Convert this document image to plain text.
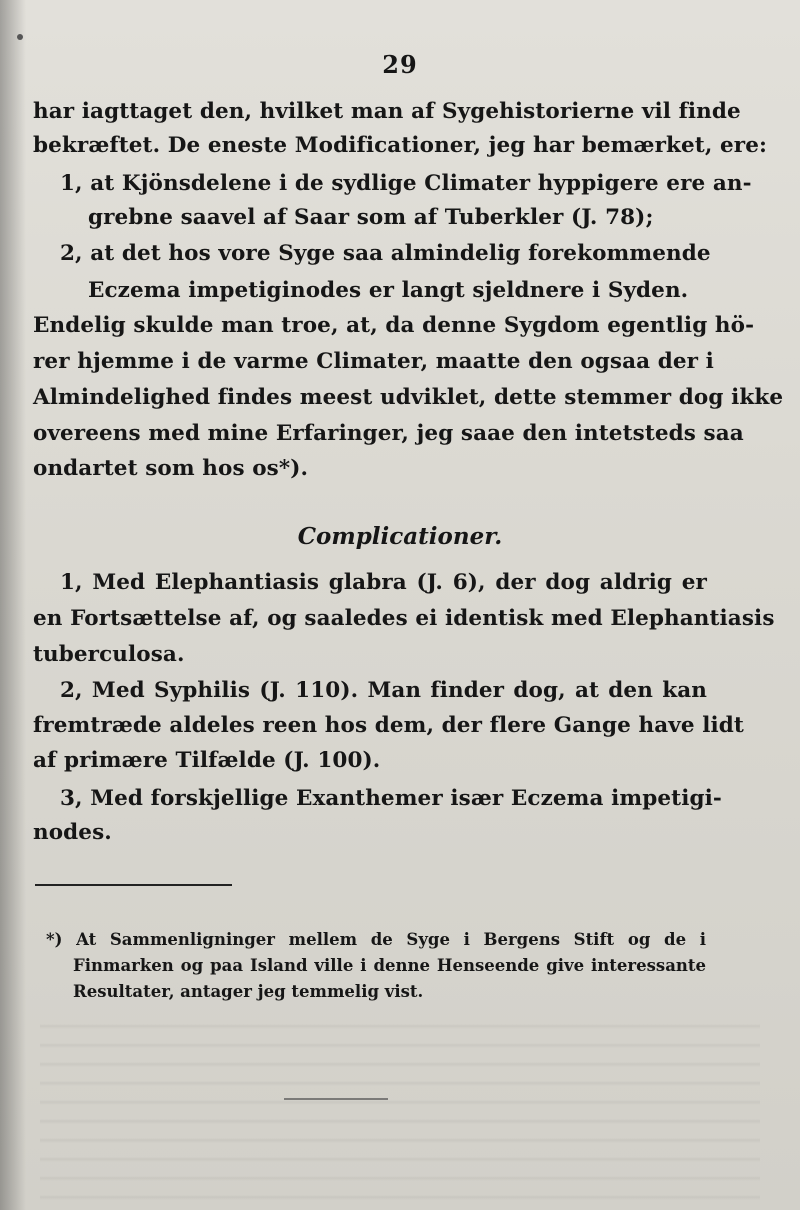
29
har iagttaget den, hvilket man af Sygehistorierne vil finde
bekræftet. De eneste Modificationer, jeg har bemærket, ere:
1, at Kjönsdelene i de sydlige Climater hyppigere ere an-
grebne saavel af Saar som af Tuberkler (J. 78);
2, at det hos vore Syge saa almindelig forekommende
Eczema impetiginodes er langt sjeldnere i Syden.
Endelig skulde man troe, at, da denne Sygdom egentlig hö-
rer hjemme i de varme Climater, maatte den ogsaa der i
Almindelighed findes meest udviklet, dette stemmer dog ikke
overeens med mine Erfaringer, jeg saae den intetsteds saa
ondartet som hos os*).
Complicationer.
1, Med Elephantiasis glabra (J. 6), der dog aldrig er
en Fortsættelse af, og saaledes ei identisk med Elephantiasis
tuberculosa.
2, Med Syphilis (J. 110). Man finder dog, at den kan
fremtræde aldeles reen hos dem, der flere Gange have lidt
af primære Tilfælde (J. 100).
3, Med forskjellige Exanthemer især Eczema impetigi-
nodes.
*) At Sammenligninger mellem de Syge i Bergens Stift og de i
Finmarken og paa Island ville i denne Henseende give interessante
Resultater, antager jeg temmelig vist.
